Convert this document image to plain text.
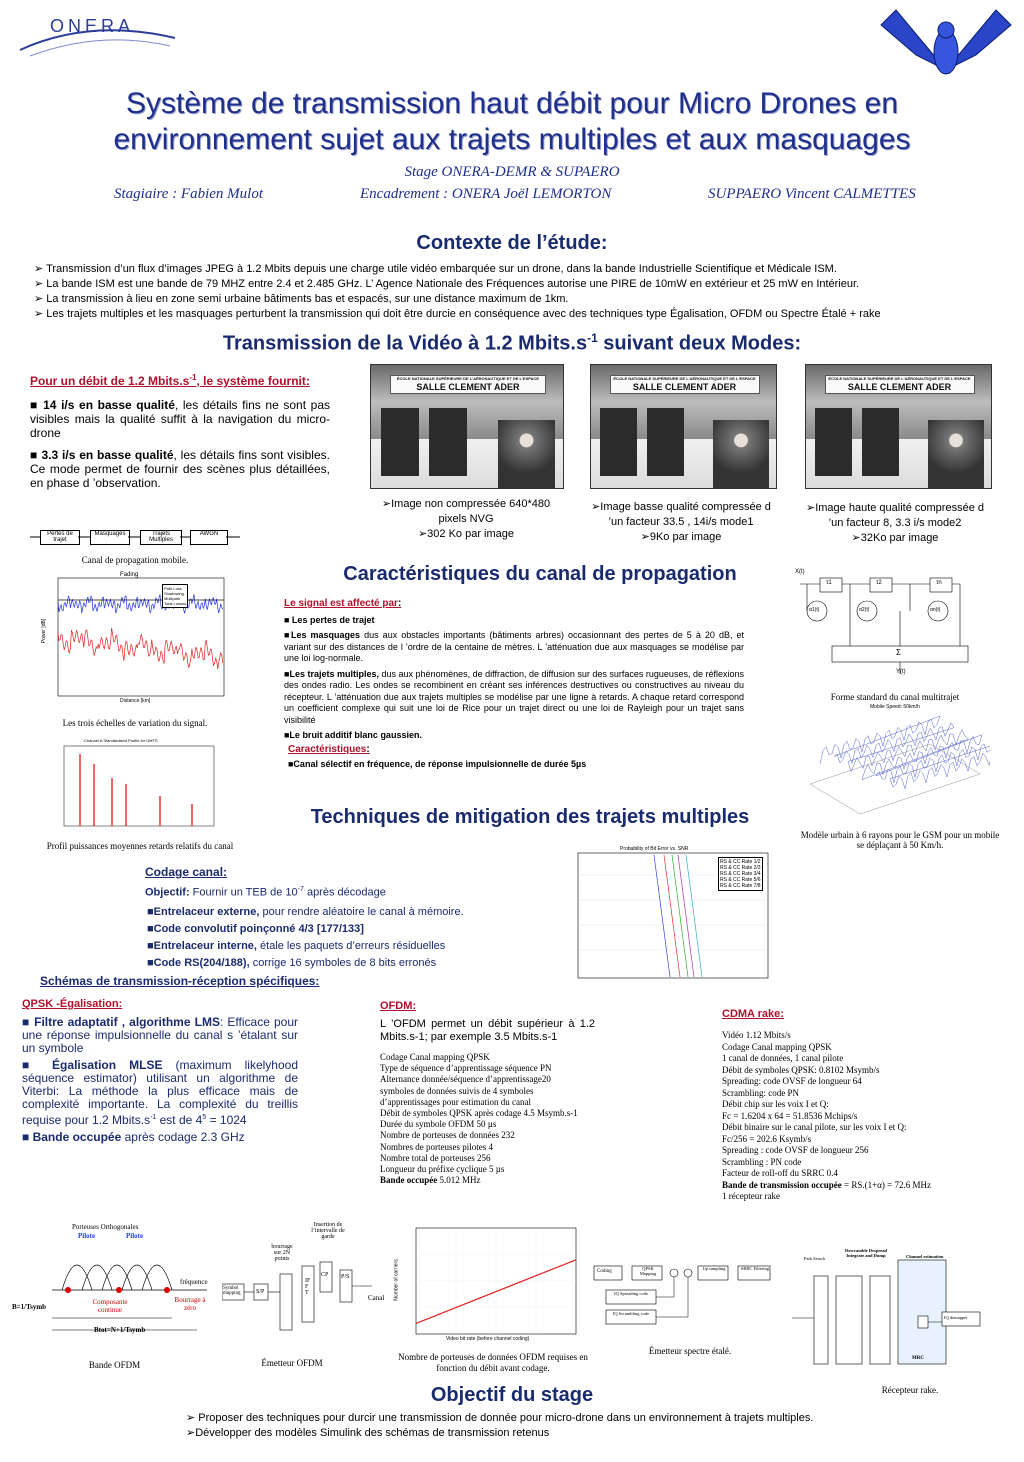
ONERA	SUPAERO
Système de transmission haut débit pour Micro Drones en
environnement sujet aux trajets multiples et aux masquages
Stage ONERA-DEMR & SUPAERO
Stagiaire : Fabien Mulot	Encadrement : ONERA Joël LEMORTON	SUPPAERO Vincent CALMETTES
Contexte de l’étude:
➢ Transmission d’un flux d’images JPEG à 1.2 Mbits depuis une charge utile vidéo embarquée sur un drone, dans la bande Industrielle Scientifique et Médicale ISM.
➢ La bande ISM est une bande de 79 MHZ entre 2.4 et 2.485 GHz. L’ Agence Nationale des Fréquences autorise une PIRE de 10mW en extérieur et 25 mW en Intérieur.
➢ La transmission à lieu en zone semi urbaine bâtiments bas et espacés, sur une distance maximum de 1km.
➢ Les trajets multiples et les masquages perturbent la transmission qui doit être durcie en conséquence avec des techniques type Égalisation, OFDM ou Spectre Étalé + rake
Transmission de la Vidéo à 1.2 $Mbits.s^{-1}$ suivant deux Modes:
Pour un débit de 1.2 $Mbits.s^{-1}$, le système fournit:
■ 14 i/s en basse qualité, les détails fins ne sont pas visibles mais la qualité suffit à la navigation du micro-drone
■ 3.3 i/s en basse qualité, les détails fins sont visibles. Ce mode permet de fournir des scènes plus détaillées, en phase d ’observation.
ÉCOLE NATIONALE SUPÉRIEURE DE L'AÉRONAUTIQUE ET DE L'ESPACE
SALLE CLEMENT ADER
ÉCOLE NATIONALE SUPÉRIEURE DE L'AÉRONAUTIQUE ET DE L'ESPACE
SALLE CLEMENT ADER
ÉCOLE NATIONALE SUPÉRIEURE DE L'AÉRONAUTIQUE ET DE L'ESPACE
SALLE CLEMENT ADER
➢Image non compressée 640*480 pixels NVG
➢302 Ko par image
➢Image basse qualité compressée d ’un facteur 33.5 , 14i/s mode1
➢9Ko par image
➢Image haute qualité compressée d ’un facteur 8, 3.3 i/s mode2
➢32Ko par image
Pertes de trajet
Masquages	Trajets Multiples
AWGN
Canal de propagation mobile.
Fading
Path Loss
Shadowing
Multipath
Total Losses
Distance [km]
Power [dB]
Les trois échelles de variation du signal.
Channel A Standardised Profile for UMTS
Profil puissances moyennes retards relatifs du canal
Caractéristiques du canal de propagation
Le signal est affecté par:
■ Les pertes de trajet
■Les masquages dus aux obstacles importants (bâtiments arbres) occasionnant des pertes de 5 à 20 dB, et variant sur des distances de l ’ordre de la centaine de mètres. L ’atténuation due aux masquages se modélise par une loi log-normale.
■Les trajets multiples, dus aux phénomènes, de diffraction, de diffusion sur des surfaces rugueuses, de réflexions des ondes radio. Les ondes se recombinent en créant ses inférences destructives ou constructives au niveau du récepteur. L ’atténuation due aux trajets multiples se modélise par une ligne à retards. A chaque retard correspond un coefficient complexe qui suit une loi de Rice pour un trajet direct ou une loi de Rayleigh pour un trajet sans visibilité
■Le bruit additif blanc gaussien.
Caractéristiques:
■Canal sélectif en fréquence, de réponse impulsionnelle de durée 5µs
X(t)
τ1	τ2	τn
α1(t)	α2(t)	αn(t)
Σ
Y(t)
Forme standard du canal multitrajet
Mobile Speed: 50km/h
Modèle urbain à 6 rayons pour le GSM pour un mobile se déplaçant à 50 Km/h.
Techniques de mitigation des trajets multiples
Codage canal:
Objectif: Fournir un TEB de $10^{-7}$ après décodage
■Entrelaceur externe, pour rendre aléatoire le canal à mémoire.
■Code convolutif poinçonné 4/3 [177/133]
■Entrelaceur interne, étale les paquets d’erreurs résiduelles
■Code RS(204/188), corrige 16 symboles de 8 bits erronés
Probability of Bit Error vs. SNR
RS & CC Rate 1/2
RS & CC Rate 2/3
RS & CC Rate 3/4
RS & CC Rate 5/6
RS & CC Rate 7/8
Schémas de transmission-réception spécifiques:
QPSK -Égalisation:
■ Filtre adaptatif , algorithme LMS: Efficace pour une réponse impulsionnelle du canal s ’étalant sur un symbole
■ Égalisation MLSE (maximum likelyhood séquence estimator) utilisant un algorithme de Viterbi: La méthode la plus efficace mais de complexité importante. La complexité du treillis requise pour 1.2 $Mbits.s^{-1}$ est de $4^5 = 1024$
■ Bande occupée après codage 2.3 GHz
OFDM:
L ’OFDM permet un débit supérieur à 1.2 Mbits.s-1; par exemple 3.5 Mbits.s-1
Codage Canal mapping QPSK
Type de séquence d’apprentissage séquence PN
Alternance donnée/séquence d’apprentissage20
symboles de données suivis de 4 symboles
d’apprentissages pour estimation du canal
Débit de symboles QPSK après codage 4.5 Msymb.s-1
Durée du symbole OFDM 50 µs
Nombre de porteuses de données 232
Nombres de porteuses pilotes 4
Nombre total de porteuses 256
Longueur du préfixe cyclique 5 µs
Bande occupée 5.012 MHz
CDMA rake:
Vidéo 1.12 Mbits/s
Codage Canal mapping QPSK
1 canal de données, 1 canal pilote
Débit de symboles QPSK: 0.8102 Msymb/s
Spreading: code OVSF de longueur 64
Scrambling: code PN
Débit chip sur les voix I et Q:
Fc = 1.6204 x 64 = 51.8536 Mchips/s
Débit binaire sur le canal pilote, sur les voix I et Q:
Fc/256 = 202.6 Ksymb/s
Spreading : code OVSF de longueur 256
Scrambling : PN code
Facteur de roll-off du SRRC 0.4
Bande de transmission occupée = RS.(1+α) = 72.6 MHz
1 récepteur rake
Porteuses Orthogonales
Pilote	Pilote
fréquence
Composante continue
Bourrage à zéro
B=1/Tsymb
Btot=N+1/Tsymb
Bande OFDM
Insertion de l’intervalle de garde
bourrage sur 2N points
Symbol mapping	S/P
IFFT
CP P/S
Canal
Émetteur OFDM
Video bit rate (before channel coding)
Number of carriers
Nombre de porteuses de données OFDM requises en fonction du débit avant codage.
Coding
QPSK Mapping
Up sampling	SRRC Filtering
IQ Spreading code
IQ Scrambling code
Émetteur spectre étalé.
Path Search
Descramble Despread Integrate and Dump	Channel estimation
MRC
IQ demapper
Récepteur rake.
Objectif du stage
➢ Proposer des techniques pour durcir une transmission de donnée pour micro-drone dans un environnement à trajets multiples.
➢Développer des modèles Simulink des schémas de transmission retenus
